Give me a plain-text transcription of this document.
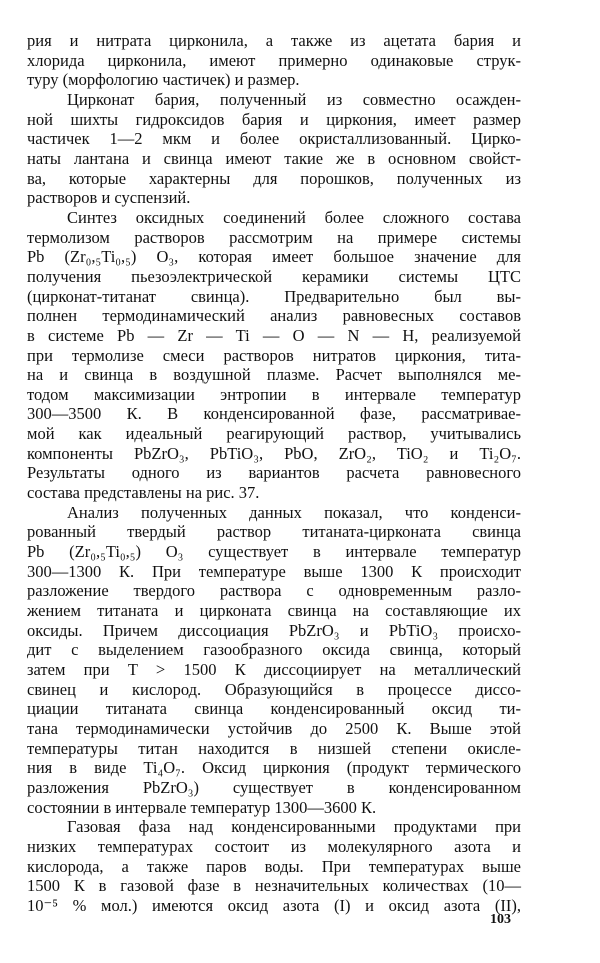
рия и нитрата цирконила, а также из ацетата бария и
хлорида цирконила, имеют примерно одинаковые струк-
туру (морфологию частичек) и размер.
Цирконат бария, полученный из совместно осажден-
ной шихты гидроксидов бария и циркония, имеет размер
частичек 1—2 мкм и более окристаллизованный. Цирко-
наты лантана и свинца имеют такие же в основном свойст-
ва, которые характерны для порошков, полученных из
растворов и суспензий.
Синтез оксидных соединений более сложного состава
термолизом растворов рассмотрим на примере системы
Pb (Zr₀,₅Ti₀,₅) O₃, которая имеет большое значение для
получения пьезоэлектрической керамики системы ЦТС
(цирконат-титанат свинца). Предварительно был вы-
полнен термодинамический анализ равновесных составов
в системе Pb — Zr — Ti — O — N — H, реализуемой
при термолизе смеси растворов нитратов циркония, тита-
на и свинца в воздушной плазме. Расчет выполнялся ме-
тодом максимизации энтропии в интервале температур
300—3500 К. В конденсированной фазе, рассматривае-
мой как идеальный реагирующий раствор, учитывались
компоненты PbZrO₃, PbTiO₃, PbO, ZrO₂, TiO₂ и Ti₂O₇.
Результаты одного из вариантов расчета равновесного
состава представлены на рис. 37.
Анализ полученных данных показал, что конденси-
рованный твердый раствор титаната-цирконата свинца
Pb (Zr₀,₅Ti₀,₅) O₃ существует в интервале температур
300—1300 К. При температуре выше 1300 К происходит
разложение твердого раствора с одновременным разло-
жением титаната и цирконата свинца на составляющие их
оксиды. Причем диссоциация PbZrO₃ и PbTiO₃ происхо-
дит с выделением газообразного оксида свинца, который
затем при T > 1500 К диссоциирует на металлический
свинец и кислород. Образующийся в процессе диссо-
циации титаната свинца конденсированный оксид ти-
тана термодинамически устойчив до 2500 К. Выше этой
температуры титан находится в низшей степени окисле-
ния в виде Ti₄O₇. Оксид циркония (продукт термического
разложения PbZrO₃) существует в конденсированном
состоянии в интервале температур 1300—3600 К.
Газовая фаза над конденсированными продуктами при
низких температурах состоит из молекулярного азота и
кислорода, а также паров воды. При температурах выше
1500 К в газовой фазе в незначительных количествах (10—
10⁻⁵ % мол.) имеются оксид азота (I) и оксид азота (II),
103
